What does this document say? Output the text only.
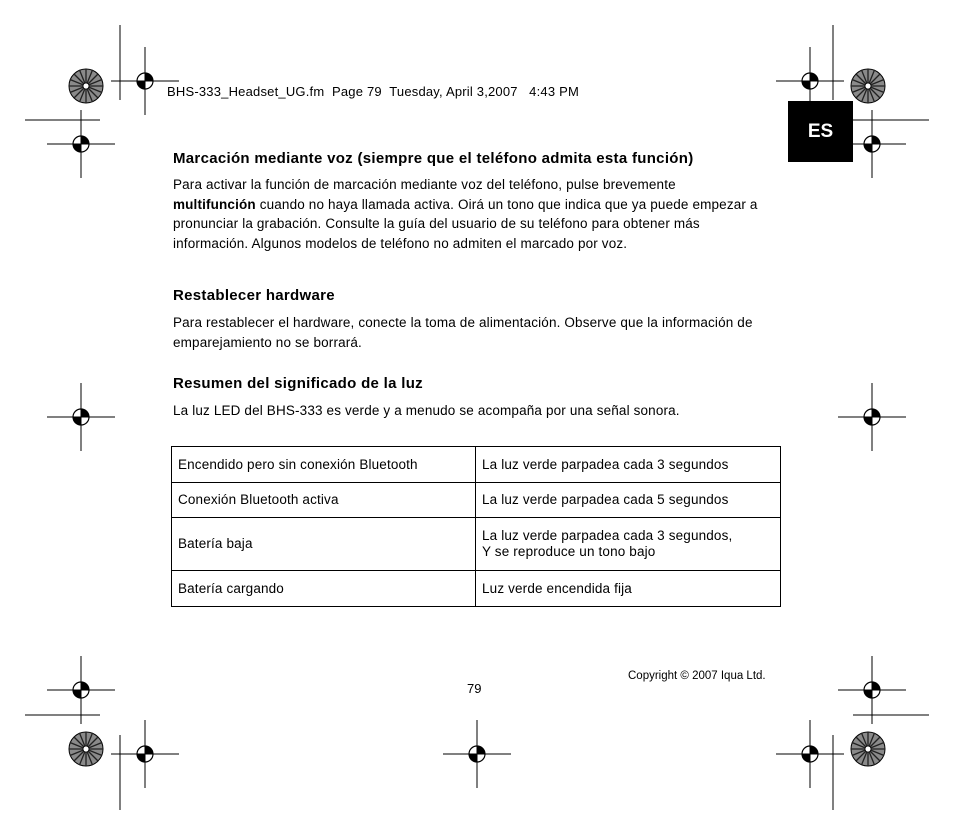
BHS-333_Headset_UG.fm  Page 79  Tuesday, April 3,2007   4:43 PM
ES
Marcación mediante voz (siempre que el teléfono admita esta función)
Para activar la función de marcación mediante voz del teléfono, pulse brevemente
multifunción cuando no haya llamada activa. Oirá un tono que indica que ya puede empezar a pronunciar la grabación. Consulte la guía del usuario de su teléfono para obtener más información. Algunos modelos de teléfono no admiten el marcado por voz.
Restablecer hardware
Para restablecer el hardware, conecte la toma de alimentación. Observe que la información de emparejamiento no se borrará.
Resumen del significado de la luz
La luz LED del BHS-333 es verde y a menudo se acompaña por una señal sonora.
Encendido pero sin conexión Bluetooth	La luz verde parpadea cada 3 segundos
Conexión Bluetooth activa	La luz verde parpadea cada 5 segundos
Batería baja	La luz verde parpadea cada 3 segundos,
Y se reproduce un tono bajo
Batería cargando	Luz verde encendida fija
Copyright © 2007 Iqua Ltd.
79
